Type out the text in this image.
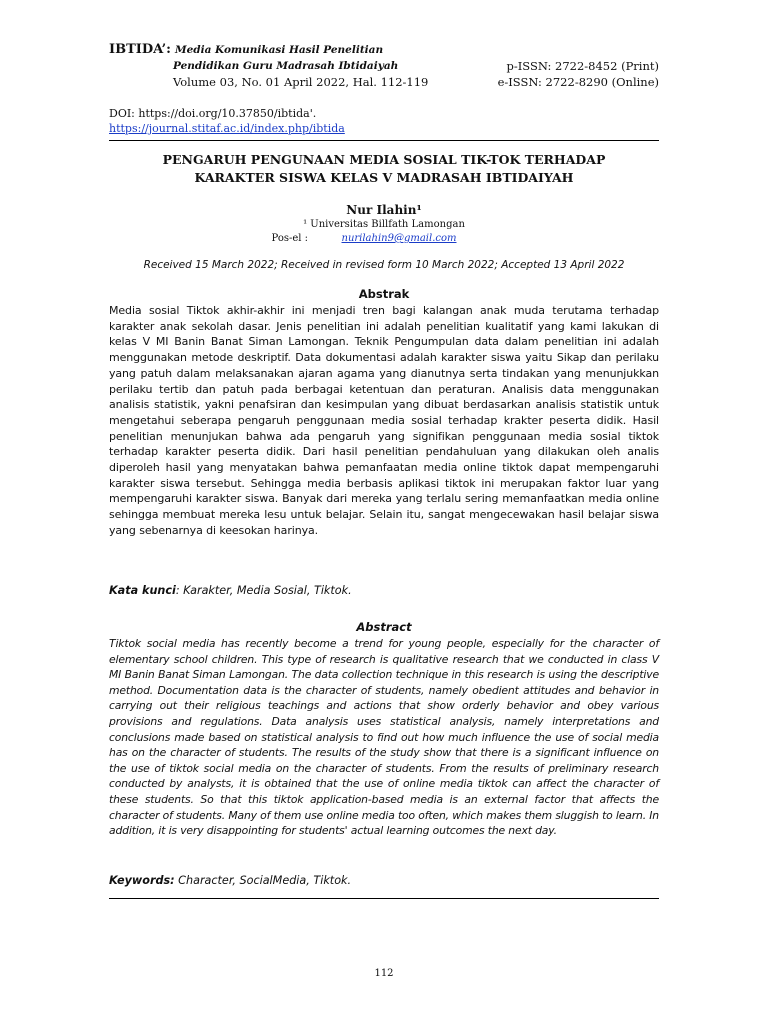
IBTIDA’: Media Komunikasi Hasil Penelitian
Pendidikan Guru Madrasah Ibtidaiyah	p-ISSN: 2722-8452 (Print)
Volume 03, No. 01 April 2022, Hal. 112-119	e-ISSN: 2722-8290 (Online)
DOI: https://doi.org/10.37850/ibtida'.
https://journal.stitaf.ac.id/index.php/ibtida
PENGARUH PENGUNAAN MEDIA SOSIAL TIK-TOK TERHADAP
KARAKTER SISWA KELAS V MADRASAH IBTIDAIYAH
Nur Ilahin¹
¹ Universitas Billfath Lamongan
Pos-el :	nurilahin9@gmail.com
Received 15 March 2022; Received in revised form 10 March 2022; Accepted 13 April 2022
Abstrak
Media sosial Tiktok akhir-akhir ini menjadi tren bagi kalangan anak muda terutama terhadap karakter anak sekolah dasar. Jenis penelitian ini adalah penelitian kualitatif yang kami lakukan di kelas V MI Banin Banat Siman Lamongan. Teknik Pengumpulan data dalam penelitian ini adalah menggunakan metode deskriptif. Data dokumentasi adalah karakter siswa yaitu Sikap dan perilaku yang patuh dalam melaksanakan ajaran agama yang dianutnya serta tindakan yang menunjukkan perilaku tertib dan patuh pada berbagai ketentuan dan peraturan. Analisis data menggunakan analisis statistik, yakni penafsiran dan kesimpulan yang dibuat berdasarkan analisis statistik untuk mengetahui seberapa pengaruh penggunaan media sosial terhadap krakter peserta didik. Hasil penelitian menunjukan bahwa ada pengaruh yang signifikan penggunaan media sosial tiktok terhadap karakter peserta didik. Dari hasil penelitian pendahuluan yang dilakukan oleh analis diperoleh hasil yang menyatakan bahwa pemanfaatan media online tiktok dapat mempengaruhi karakter siswa tersebut. Sehingga media berbasis aplikasi tiktok ini merupakan faktor luar yang mempengaruhi karakter siswa. Banyak dari mereka yang terlalu sering memanfaatkan media online sehingga membuat mereka lesu untuk belajar. Selain itu, sangat mengecewakan hasil belajar siswa yang sebenarnya di keesokan harinya.
Kata kunci: Karakter, Media Sosial, Tiktok.
Abstract
Tiktok social media has recently become a trend for young people, especially for the character of elementary school children. This type of research is qualitative research that we conducted in class V MI Banin Banat Siman Lamongan. The data collection technique in this research is using the descriptive method. Documentation data is the character of students, namely obedient attitudes and behavior in carrying out their religious teachings and actions that show orderly behavior and obey various provisions and regulations. Data analysis uses statistical analysis, namely interpretations and conclusions made based on statistical analysis to find out how much influence the use of social media has on the character of students. The results of the study show that there is a significant influence on the use of tiktok social media on the character of students. From the results of preliminary research conducted by analysts, it is obtained that the use of online media tiktok can affect the character of these students. So that this tiktok application-based media is an external factor that affects the character of students. Many of them use online media too often, which makes them sluggish to learn. In addition, it is very disappointing for students' actual learning outcomes the next day.
Keywords: Character, SocialMedia, Tiktok.
112
